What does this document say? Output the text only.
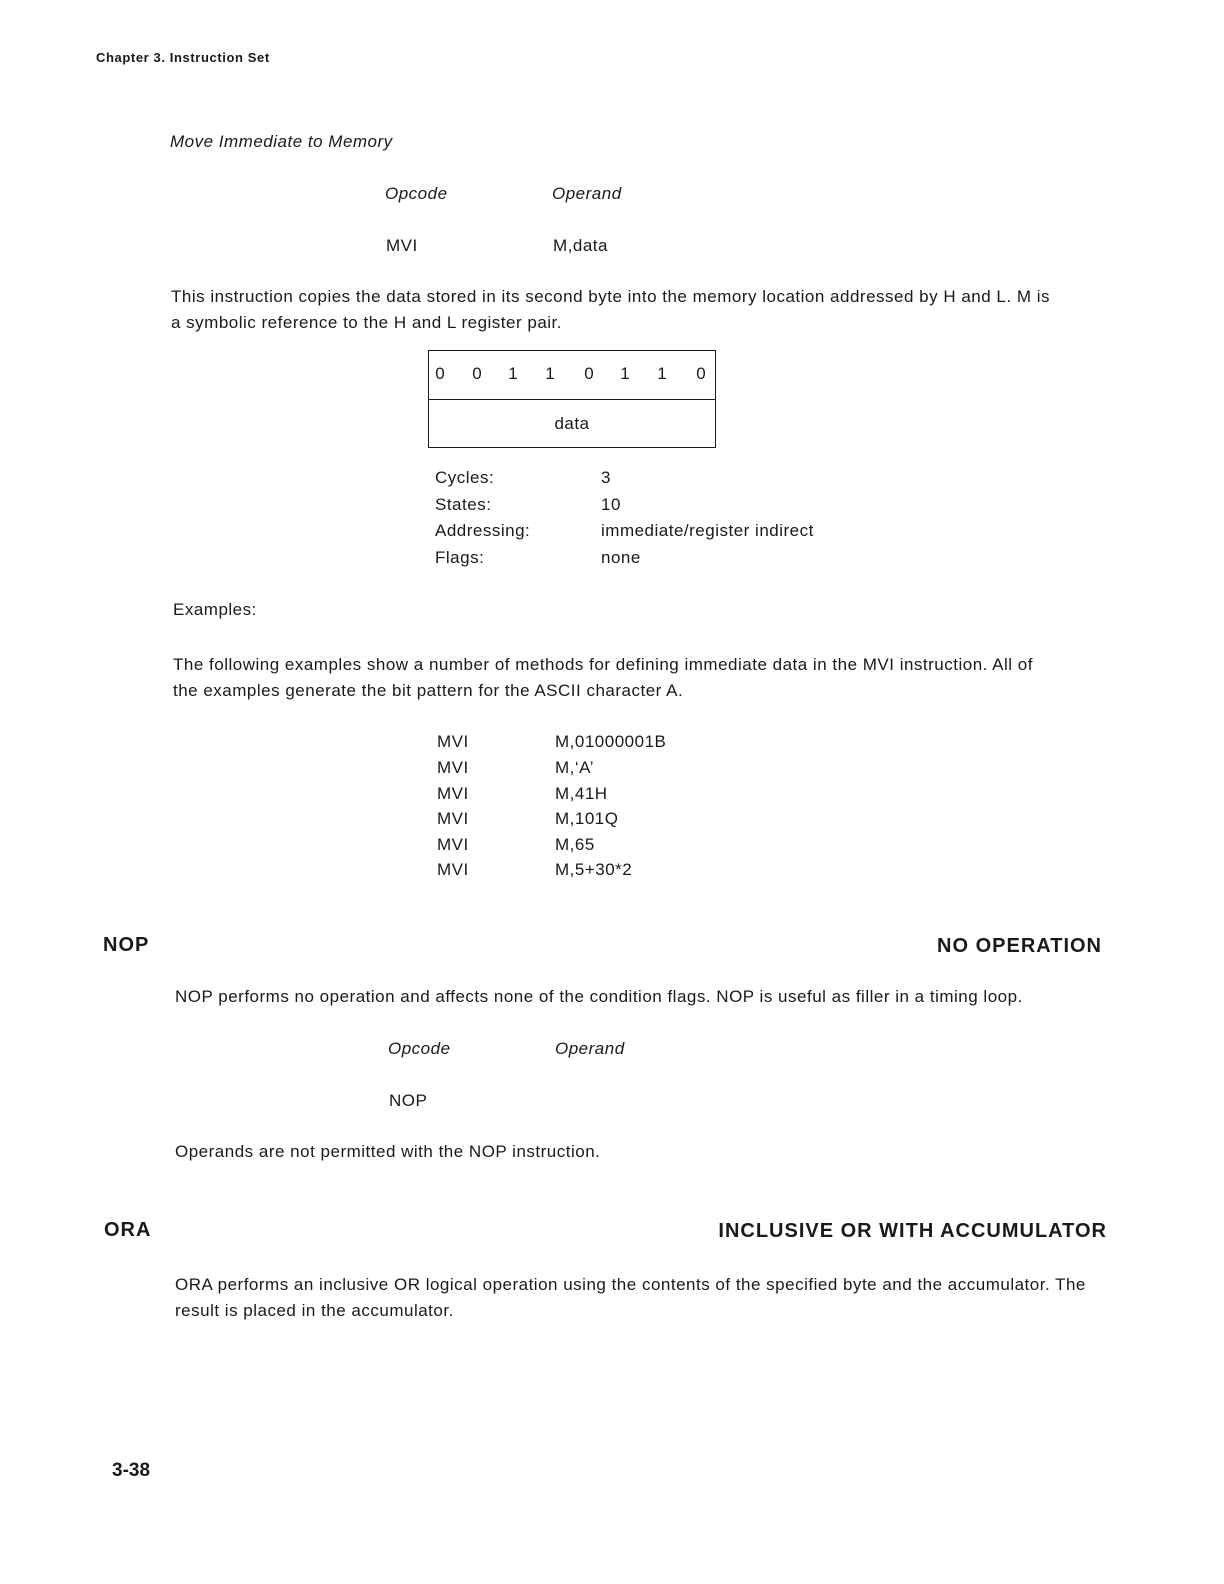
Chapter 3. Instruction Set
Move Immediate to Memory
Opcode	Operand
MVI	M,data

This instruction copies the data stored in its second byte into the memory location addressed by H and L. M is

a symbolic reference to the H and L register pair.

0	0	1	1	0	1	1	0
data
Cycles:	3
States:	10
Addressing:	immediate/register indirect
Flags:	none
Examples:

The following examples show a number of methods for defining immediate data in the MVI instruction. All of

the examples generate the bit pattern for the ASCII character A.

MVI	M,01000001B
MVI	M,‘A’
MVI	M,41H
MVI	M,101Q
MVI	M,65
MVI	M,5+30*2
NOP	NO OPERATION
NOP performs no operation and affects none of the condition flags. NOP is useful as filler in a timing loop.
Opcode	Operand
NOP
Operands are not permitted with the NOP instruction.
ORA	INCLUSIVE OR WITH ACCUMULATOR

ORA performs an inclusive OR logical operation using the contents of the specified byte and the accumulator. The

result is placed in the accumulator.

3-38
